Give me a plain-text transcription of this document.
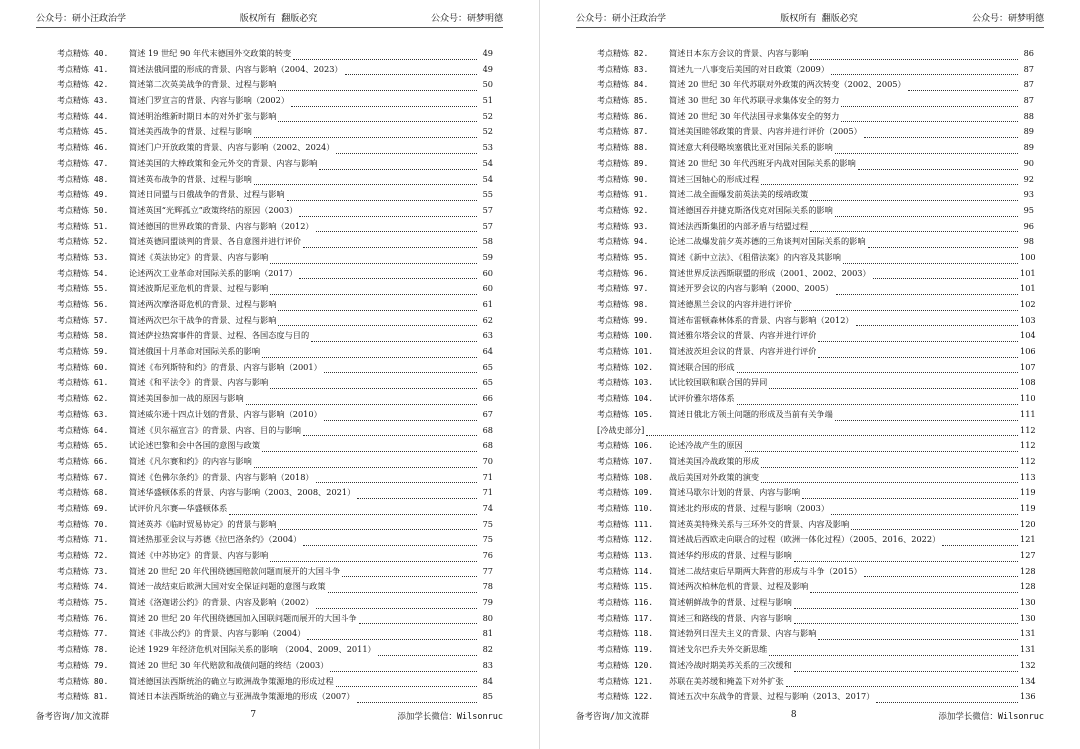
公众号：研小汪政治学	版权所有 翻版必究	公众号：研梦明德
考点精炼 40.	简述 19 世纪 90 年代末德国外交政策的转变	49
考点精炼 41.	简述法俄同盟的形成的背景、内容与影响（2004、2023）	49
考点精炼 42.	简述第二次英美战争的背景、过程与影响	50
考点精炼 43.	简述门罗宣言的背景、内容与影响（2002）	51
考点精炼 44.	简述明治维新时期日本的对外扩张与影响	52
考点精炼 45.	简述美西战争的背景、过程与影响	52
考点精炼 46.	简述门户开放政策的背景、内容与影响（2002、2024）	53
考点精炼 47.	简述美国的大棒政策和金元外交的背景、内容与影响	54
考点精炼 48.	简述英布战争的背景、过程与影响	54
考点精炼 49.	简述日同盟与日俄战争的背景、过程与影响	55
考点精炼 50.	简述英国“光辉孤立”政策终结的原因（2003）	57
考点精炼 51.	简述德国的世界政策的背景、内容与影响（2012）	57
考点精炼 52.	简述英德同盟谈判的背景、各自意图并进行评价	58
考点精炼 53.	简述《英法协定》的背景、内容与影响	59
考点精炼 54.	论述两次工业革命对国际关系的影响（2017）	60
考点精炼 55.	简述波斯尼亚危机的背景、过程与影响	60
考点精炼 56.	简述两次摩洛哥危机的背景、过程与影响	61
考点精炼 57.	简述两次巴尔干战争的背景、过程与影响	62
考点精炼 58.	简述萨拉热窝事件的背景、过程、各国态度与目的	63
考点精炼 59.	简述俄国十月革命对国际关系的影响	64
考点精炼 60.	简述《布列斯特和约》的背景、内容与影响（2001）	65
考点精炼 61.	简述《和平法令》的背景、内容与影响	65
考点精炼 62.	简述美国参加一战的原因与影响	66
考点精炼 63.	简述威尔逊十四点计划的背景、内容与影响（2010）	67
考点精炼 64.	简述《贝尔福宣言》的背景、内容、目的与影响	68
考点精炼 65.	试论述巴黎和会中各国的意图与政策	68
考点精炼 66.	简述《凡尔赛和约》的内容与影响	70
考点精炼 67.	简述《色佛尔条约》的背景、内容与影响（2018）	71
考点精炼 68.	简述华盛顿体系的背景、内容与影响（2003、2008、2021）	71
考点精炼 69.	试评价凡尔赛—华盛顿体系	74
考点精炼 70.	简述英苏《临时贸易协定》的背景与影响	75
考点精炼 71.	简述热那亚会议与苏德《拉巴洛条约》（2004）	75
考点精炼 72.	简述《中苏协定》的背景、内容与影响	76
考点精炼 73.	简述 20 世纪 20 年代围绕德国赔款问题而展开的大国斗争	77
考点精炼 74.	简述一战结束后欧洲大国对安全保证问题的意图与政策	78
考点精炼 75.	简述《洛迦诺公约》的背景、内容及影响（2002）	79
考点精炼 76.	简述 20 世纪 20 年代围绕德国加入国联问题而展开的大国斗争	80
考点精炼 77.	简述《非战公约》的背景、内容与影响（2004）	81
考点精炼 78.	论述 1929 年经济危机对国际关系的影响 （2004、2009、2011）	82
考点精炼 79.	简述 20 世纪 30 年代赔款和战债问题的终结（2003）	83
考点精炼 80.	简述德国法西斯统治的确立与欧洲战争策源地的形成过程	84
考点精炼 81.	简述日本法西斯统治的确立与亚洲战争策源地的形成（2007）	85
备考咨询/加文流群	7	添加学长微信：Wilsonruc
公众号：研小汪政治学	版权所有 翻版必究	公众号：研梦明德
考点精炼 82.	简述日本东方会议的背景、内容与影响	86
考点精炼 83.	简述九一八事变后美国的对日政策（2009）	87
考点精炼 84.	简述 20 世纪 30 年代苏联对外政策的两次转变（2002、2005）	87
考点精炼 85.	简述 30 世纪 30 年代苏联寻求集体安全的努力	87
考点精炼 86.	简述 20 世纪 30 年代法国寻求集体安全的努力	88
考点精炼 87.	简述美国睦邻政策的背景、内容并进行评价（2005）	89
考点精炼 88.	简述意大利侵略埃塞俄比亚对国际关系的影响	89
考点精炼 89.	简述 20 世纪 30 年代西班牙内战对国际关系的影响	90
考点精炼 90.	简述三国轴心的形成过程	92
考点精炼 91.	简述二战全面爆发前英法美的绥靖政策	93
考点精炼 92.	简述德国吞并捷克斯洛伐克对国际关系的影响	95
考点精炼 93.	简述法西斯集团的内部矛盾与结盟过程	96
考点精炼 94.	论述二战爆发前夕英苏德的三角谈判对国际关系的影响	98
考点精炼 95.	简述《新中立法》、《租借法案》的内容及其影响	100
考点精炼 96.	简述世界反法西斯联盟的形成（2001、2002、2003）	101
考点精炼 97.	简述开罗会议的内容与影响（2000、2005）	101
考点精炼 98.	简述德黑兰会议的内容并进行评价	102
考点精炼 99.	简述布雷顿森林体系的背景、内容与影响（2012）	103
考点精炼 100.	简述雅尔塔会议的背景、内容并进行评价	104
考点精炼 101.	简述波茨坦会议的背景、内容并进行评价	106
考点精炼 102.	简述联合国的形成	107
考点精炼 103.	试比较国联和联合国的异同	108
考点精炼 104.	试评价雅尔塔体系	110
考点精炼 105.	简述日俄北方领土问题的形成及当前有关争端	111
[冷战史部分]	112
考点精炼 106.	论述冷战产生的原因	112
考点精炼 107.	简述美国冷战政策的形成	112
考点精炼 108.	战后美国对外政策的演变	113
考点精炼 109.	简述马歇尔计划的背景、内容与影响	119
考点精炼 110.	简述北约形成的背景、过程与影响（2003）	119
考点精炼 111.	简述英美特殊关系与三环外交的背景、内容及影响	120
考点精炼 112.	简述战后西欧走向联合的过程（欧洲一体化过程）（2005、2016、2022）	121
考点精炼 113.	简述华约形成的背景、过程与影响	127
考点精炼 114.	简述二战结束后早期两大阵营的形成与斗争（2015）	128
考点精炼 115.	简述两次柏林危机的背景、过程及影响	128
考点精炼 116.	简述朝鲜战争的背景、过程与影响	130
考点精炼 117.	简述三和路线的背景、内容与影响	130
考点精炼 118.	简述勃列日涅夫主义的背景、内容与影响	131
考点精炼 119.	简述戈尔巴乔夫外交新思维	131
考点精炼 120.	简述冷战时期美苏关系的三次缓和	132
考点精炼 121.	苏联在美苏缓和掩盖下对外扩张	134
考点精炼 122.	简述五次中东战争的背景、过程与影响（2013、2017）	136
备考咨询/加文流群	8	添加学长微信：Wilsonruc
